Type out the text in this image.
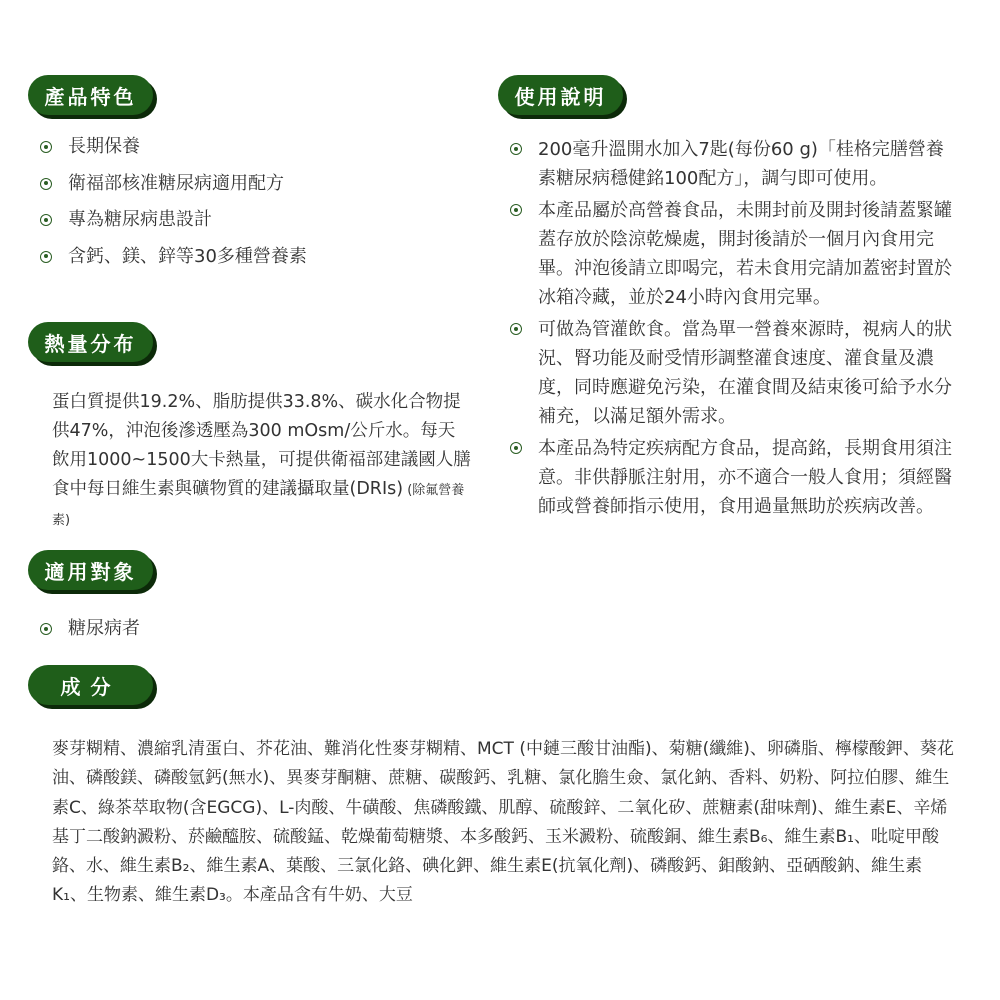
產品特色
長期保養
衛福部核准糖尿病適用配方
專為糖尿病患設計
含鈣、鎂、鋅等30多種營養素
使用說明
200毫升溫開水加入7匙(每份60 g)「桂格完膳營養素糖尿病穩健銘100配方」，調勻即可使用。
本產品屬於高營養食品，未開封前及開封後請蓋緊罐蓋存放於陰涼乾燥處，開封後請於一個月內食用完畢。沖泡後請立即喝完，若未食用完請加蓋密封置於冰箱冷藏，並於24小時內食用完畢。
可做為管灌飲食。當為單一營養來源時，視病人的狀況、腎功能及耐受情形調整灌食速度、灌食量及濃度，同時應避免污染，在灌食間及結束後可給予水分補充，以滿足額外需求。
本產品為特定疾病配方食品，提高銘，長期食用須注意。非供靜脈注射用，亦不適合一般人食用；須經醫師或營養師指示使用，食用過量無助於疾病改善。
熱量分布

蛋白質提供19.2%、脂肪提供33.8%、碳水化合物提供47%，沖泡後滲透壓為300 mOsm/公斤水。每天飲用1000~1500大卡熱量，可提供衛福部建議國人膳食中每日維生素與礦物質的建議攝取量(DRIs) (除氟營養素)

適用對象
糖尿病者
成分

麥芽糊精、濃縮乳清蛋白、芥花油、難消化性麥芽糊精、MCT (中鏈三酸甘油酯)、菊糖(纖維)、卵磷脂、檸檬酸鉀、葵花油、磷酸鎂、磷酸氫鈣(無水)、異麥芽酮糖、蔗糖、碳酸鈣、乳糖、氯化膽生僉、氯化鈉、香料、奶粉、阿拉伯膠、維生素C、綠茶萃取物(含EGCG)、L-肉酸、牛磺酸、焦磷酸鐵、肌醇、硫酸鋅、二氧化矽、蔗糖素(甜味劑)、維生素E、辛烯基丁二酸鈉澱粉、菸鹼醯胺、硫酸錳、乾燥葡萄糖漿、本多酸鈣、玉米澱粉、硫酸銅、維生素B₆、維生素B₁、吡啶甲酸鉻、水、維生素B₂、維生素A、葉酸、三氯化鉻、碘化鉀、維生素E(抗氧化劑)、磷酸鈣、鉬酸鈉、亞硒酸鈉、維生素K₁、生物素、維生素D₃。本產品含有牛奶、大豆
